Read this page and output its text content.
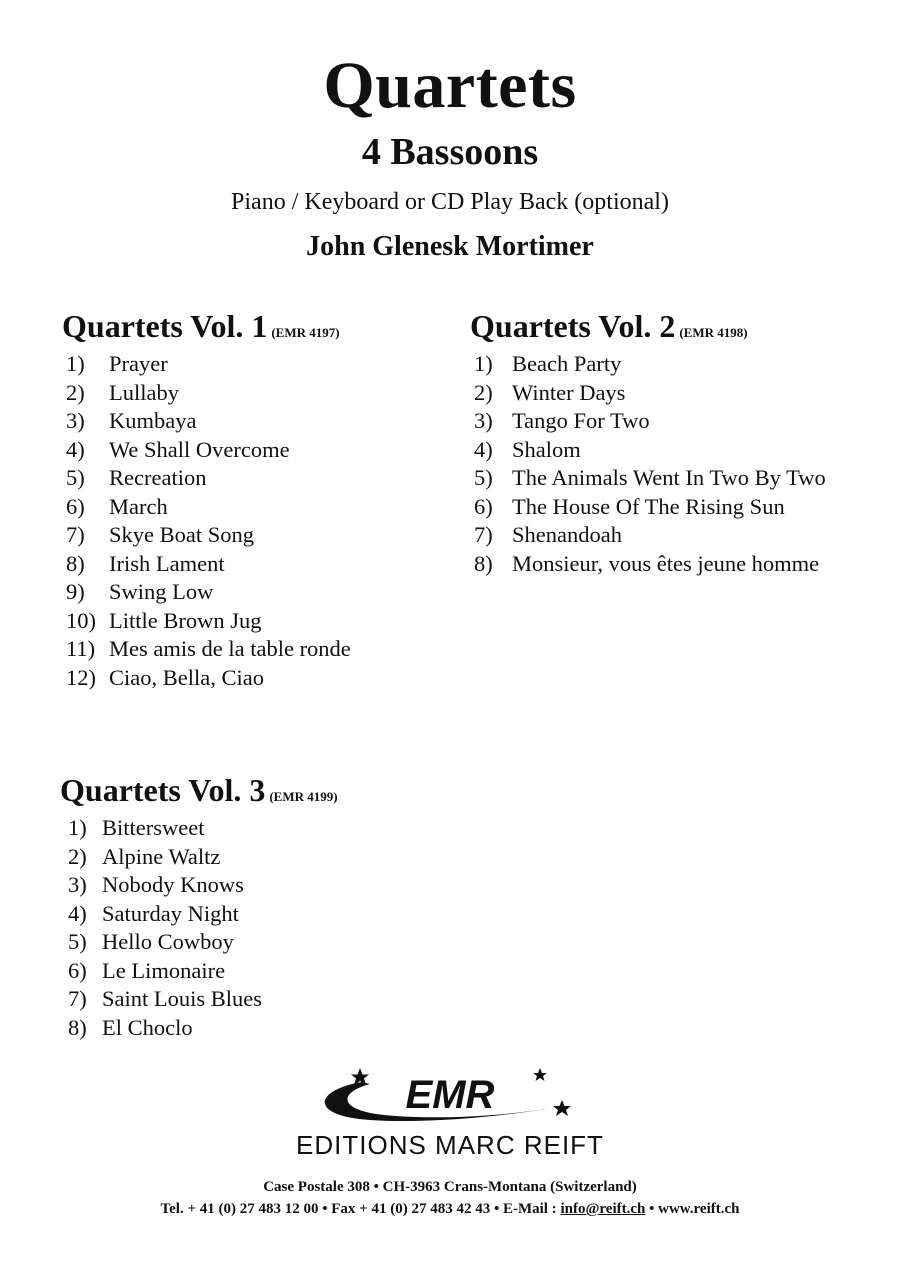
Quartets
4 Bassoons
Piano / Keyboard or CD Play Back (optional)
John Glenesk Mortimer
Quartets Vol. 1 (EMR 4197)
1) Prayer
2) Lullaby
3) Kumbaya
4) We Shall Overcome
5) Recreation
6) March
7) Skye Boat Song
8) Irish Lament
9) Swing Low
10) Little Brown Jug
11) Mes amis de la table ronde
12) Ciao, Bella, Ciao
Quartets Vol. 2 (EMR 4198)
1) Beach Party
2) Winter Days
3) Tango For Two
4) Shalom
5) The Animals Went In Two By Two
6) The House Of The Rising Sun
7) Shenandoah
8) Monsieur, vous êtes jeune homme
Quartets Vol. 3 (EMR 4199)
1) Bittersweet
2) Alpine Waltz
3) Nobody Knows
4) Saturday Night
5) Hello Cowboy
6) Le Limonaire
7) Saint Louis Blues
8) El Choclo
EMR
EDITIONS MARC REIFT
Case Postale 308 • CH-3963 Crans-Montana (Switzerland)
Tel. + 41 (0) 27 483 12 00 • Fax + 41 (0) 27 483 42 43 • E-Mail : info@reift.ch • www.reift.ch
